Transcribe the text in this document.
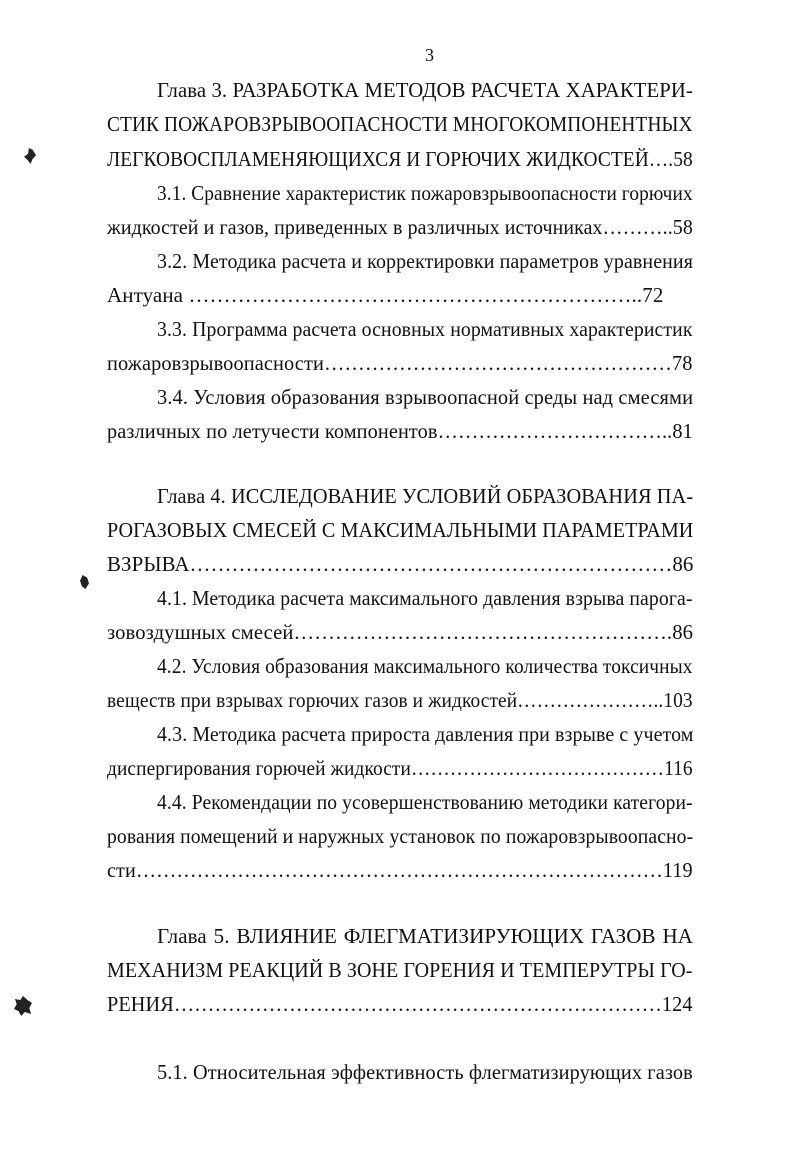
3

Глава 3. РАЗРАБОТКА МЕТОДОВ РАСЧЕТА ХАРАКТЕРИ-

СТИК ПОЖАРОВЗРЫВООПАСНОСТИ МНОГОКОМПОНЕНТНЫХ

ЛЕГКОВОСПЛАМЕНЯЮЩИХСЯ И ГОРЮЧИХ ЖИДКОСТЕЙ….58

3.1. Сравнение характеристик пожаровзрывоопасности горючих

жидкостей и газов, приведенных в различных источниках………..58

3.2. Методика расчета и корректировки параметров уравнения

Антуана ………………………………………………………..72

3.3. Программа расчета основных нормативных характеристик

пожаровзрывоопасности……………………………………………78

3.4. Условия образования взрывоопасной среды над смесями

различных по летучести компонентов……………………………..81

Глава 4. ИССЛЕДОВАНИЕ УСЛОВИЙ ОБРАЗОВАНИЯ ПА-

РОГАЗОВЫХ СМЕСЕЙ С МАКСИМАЛЬНЫМИ ПАРАМЕТРАМИ

ВЗРЫВА……………………………………………………………86

4.1. Методика расчета максимального давления взрыва парога-

зовоздушных смесей……………………………………………….86

4.2. Условия образования максимального количества токсичных

веществ при взрывах горючих газов и жидкостей…………………..103

4.3. Методика расчета прироста давления при взрыве с учетом

диспергирования горючей жидкости…………………………………116

4.4. Рекомендации по усовершенствованию методики категори-

рования помещений и наружных установок по пожаровзрывоопасно-

сти……………………………………………………………………119

Глава 5. ВЛИЯНИЕ ФЛЕГМАТИЗИРУЮЩИХ ГАЗОВ НА

МЕХАНИЗМ РЕАКЦИЙ В ЗОНЕ ГОРЕНИЯ И ТЕМПЕРУТРЫ ГО-

РЕНИЯ………………………………………………………………124

5.1. Относительная эффективность флегматизирующих газов
